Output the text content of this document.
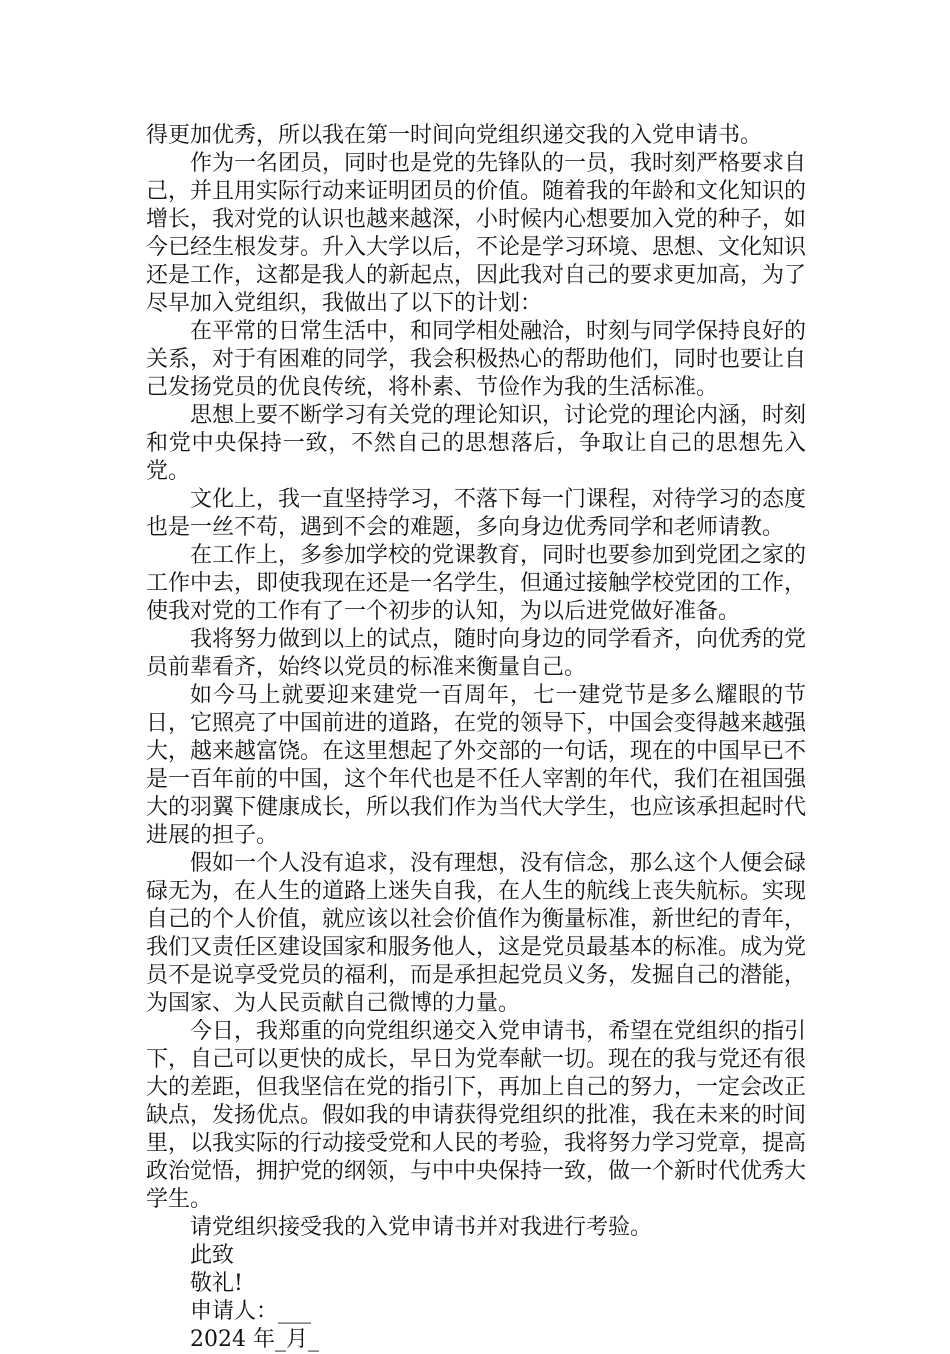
得更加优秀，所以我在第一时间向党组织递交我的入党申请书。

作为一名团员，同时也是党的先锋队的一员，我时刻严格要求自己，并且用实际行动来证明团员的价值。随着我的年龄和文化知识的增长，我对党的认识也越来越深，小时候内心想要加入党的种子，如今已经生根发芽。升入大学以后，不论是学习环境、思想、文化知识还是工作，这都是我人的新起点，因此我对自己的要求更加高，为了尽早加入党组织，我做出了以下的计划：

在平常的日常生活中，和同学相处融洽，时刻与同学保持良好的关系，对于有困难的同学，我会积极热心的帮助他们，同时也要让自己发扬党员的优良传统，将朴素、节俭作为我的生活标准。

思想上要不断学习有关党的理论知识，讨论党的理论内涵，时刻和党中央保持一致，不然自己的思想落后，争取让自己的思想先入党。

文化上，我一直坚持学习，不落下每一门课程，对待学习的态度也是一丝不苟，遇到不会的难题，多向身边优秀同学和老师请教。

在工作上，多参加学校的党课教育，同时也要参加到党团之家的工作中去，即使我现在还是一名学生，但通过接触学校党团的工作，使我对党的工作有了一个初步的认知，为以后进党做好准备。

我将努力做到以上的试点，随时向身边的同学看齐，向优秀的党员前辈看齐，始终以党员的标准来衡量自己。

如今马上就要迎来建党一百周年，七一建党节是多么耀眼的节日，它照亮了中国前进的道路，在党的领导下，中国会变得越来越强大，越来越富饶。在这里想起了外交部的一句话，现在的中国早已不是一百年前的中国，这个年代也是不任人宰割的年代，我们在祖国强大的羽翼下健康成长，所以我们作为当代大学生，也应该承担起时代进展的担子。

假如一个人没有追求，没有理想，没有信念，那么这个人便会碌碌无为，在人生的道路上迷失自我，在人生的航线上丧失航标。实现自己的个人价值，就应该以社会价值作为衡量标准，新世纪的青年，我们又责任区建设国家和服务他人，这是党员最基本的标准。成为党员不是说享受党员的福利，而是承担起党员义务，发掘自己的潜能，为国家、为人民贡献自己微博的力量。

今日，我郑重的向党组织递交入党申请书，希望在党组织的指引下，自己可以更快的成长，早日为党奉献一切。现在的我与党还有很大的差距，但我坚信在党的指引下，再加上自己的努力，一定会改正缺点，发扬优点。假如我的申请获得党组织的批准，我在未来的时间里，以我实际的行动接受党和人民的考验，我将努力学习党章，提高政治觉悟，拥护党的纲领，与中中央保持一致，做一个新时代优秀大学生。

请党组织接受我的入党申请书并对我进行考验。

此致

敬礼!

申请人：___

2024 年_月_
